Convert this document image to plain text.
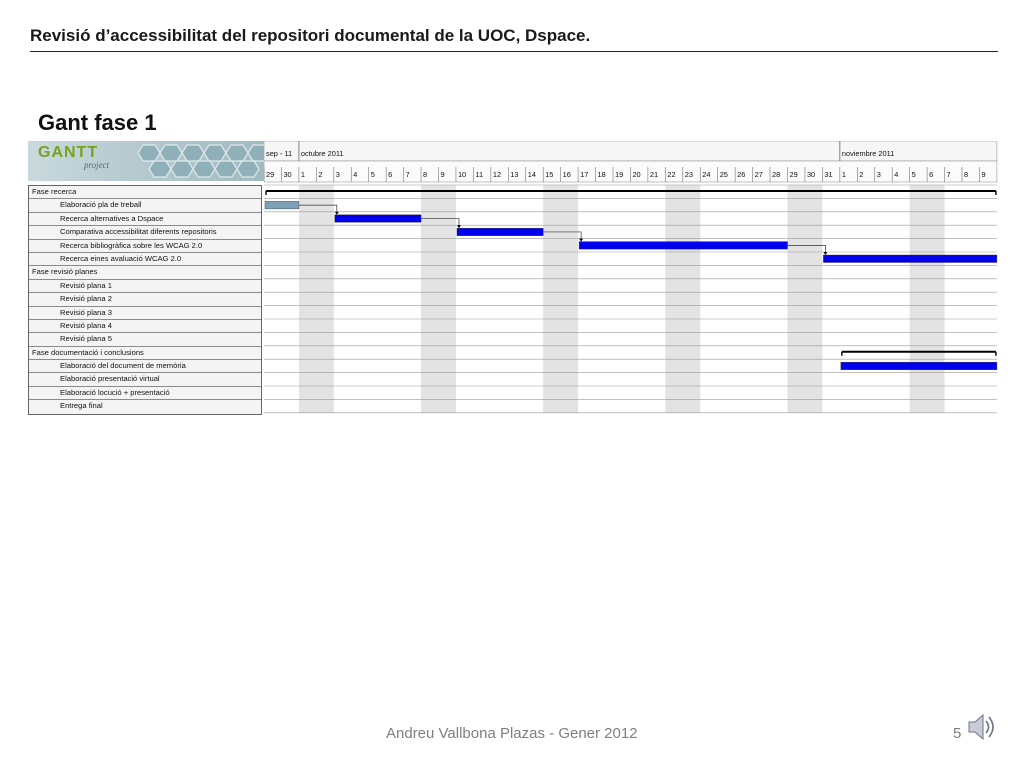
Revisió d’accessibilitat del repositori documental de la UOC, Dspace.
Gant fase 1
GANTT
project
Fase recerca
Elaboració pla de treball
Recerca alternatives a Dspace
Comparativa accessibilitat diferents repositoris
Recerca bibliogràfica sobre les WCAG 2.0
Recerca eines avaluació WCAG 2.0
Fase revisió planes
Revisió plana 1
Revisió plana 2
Revisió plana 3
Revisió plana 4
Revisió plana 5
Fase documentació i conclusions
Elaboració del document de memòria
Elaboració presentació virtual
Elaboració locució + presentació
Entrega final
sep - 11 octubre 2011	noviembre 2011
29 30 1 2 3 4 5 6 7 8 9 10 11 12 13 14 15 16 17 18 19 20 21 22 23 24 25 26 27 28 29 30 31 1 2 3 4 5 6 7 8 9
Andreu Vallbona Plazas - Gener 2012	5
